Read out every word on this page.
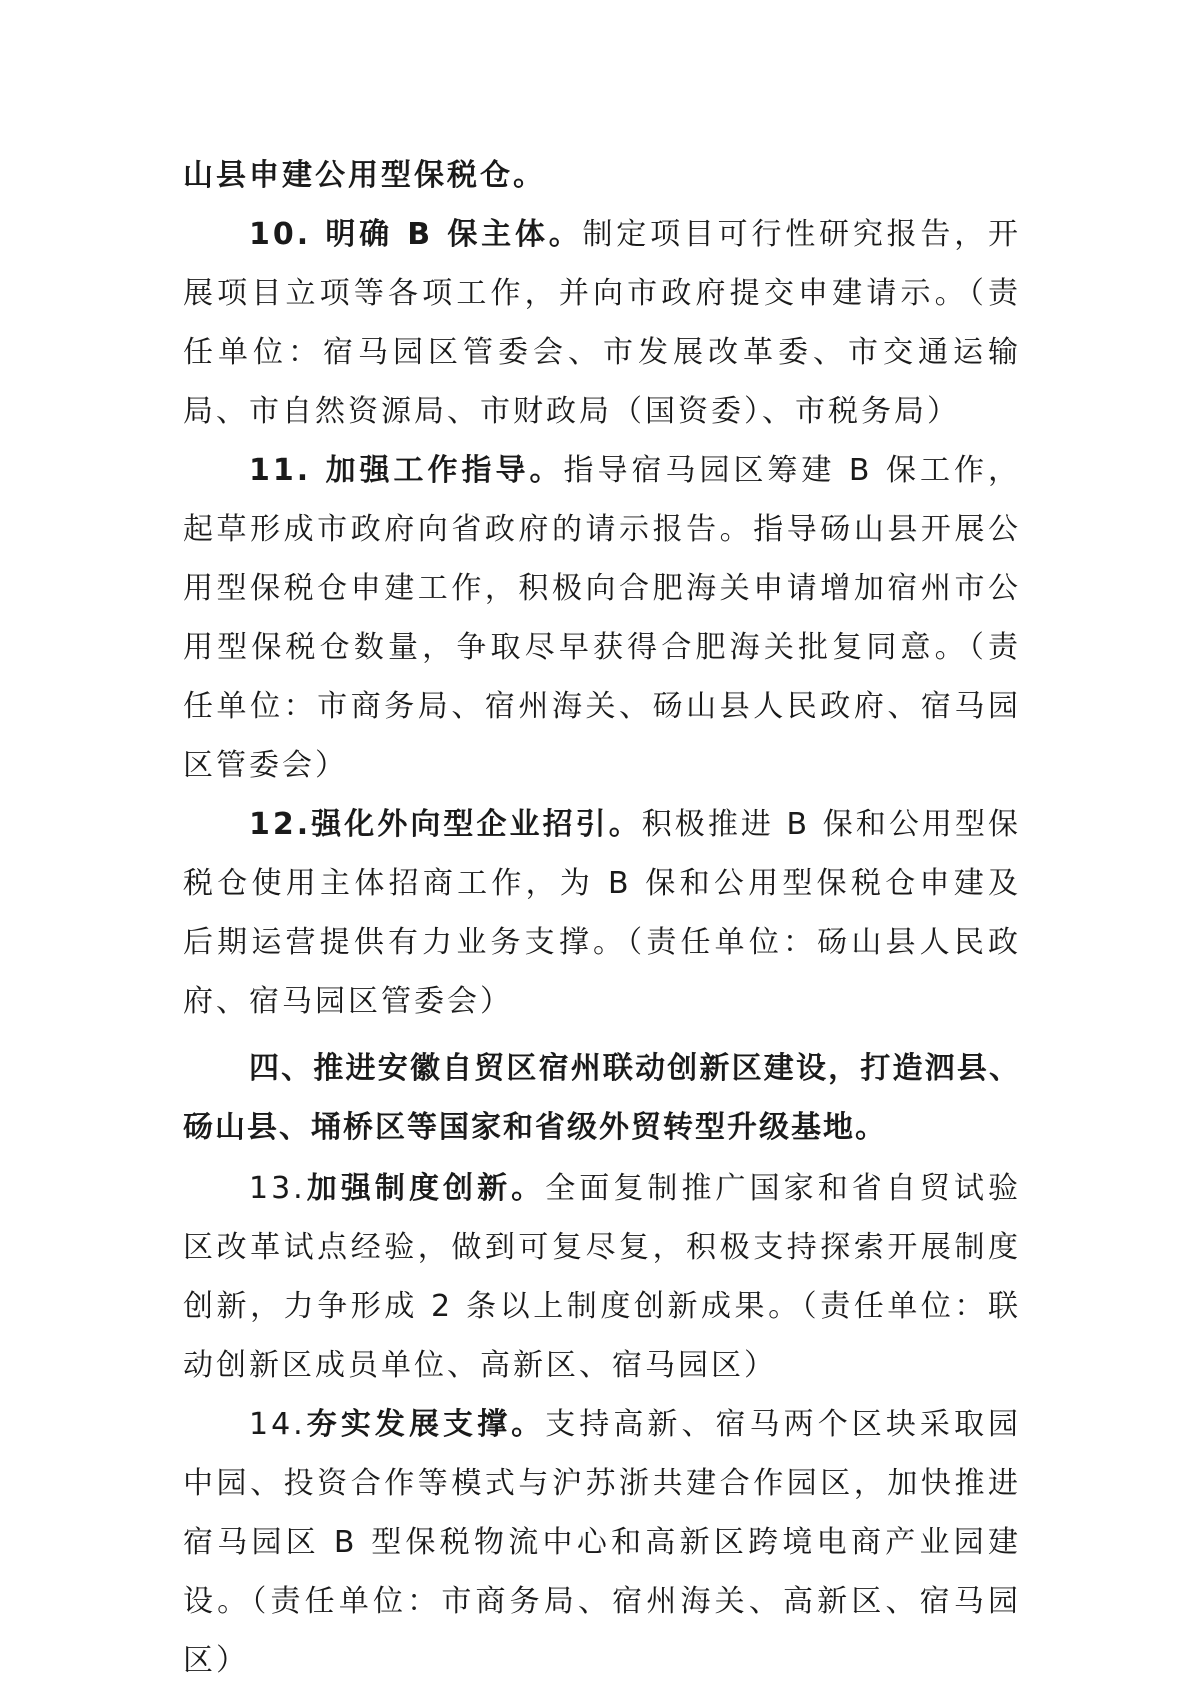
山县申建公用型保税仓。

10. 明确 B 保主体。制定项目可行性研究报告，开展项目立项等各项工作，并向市政府提交申建请示。（责任单位：宿马园区管委会、市发展改革委、市交通运输局、市自然资源局、市财政局（国资委）、市税务局）

11. 加强工作指导。指导宿马园区筹建 B 保工作，起草形成市政府向省政府的请示报告。指导砀山县开展公用型保税仓申建工作，积极向合肥海关申请增加宿州市公用型保税仓数量，争取尽早获得合肥海关批复同意。（责任单位：市商务局、宿州海关、砀山县人民政府、宿马园区管委会）

12.强化外向型企业招引。积极推进 B 保和公用型保税仓使用主体招商工作，为 B 保和公用型保税仓申建及后期运营提供有力业务支撑。（责任单位：砀山县人民政府、宿马园区管委会）

四、推进安徽自贸区宿州联动创新区建设，打造泗县、砀山县、埇桥区等国家和省级外贸转型升级基地。

13.加强制度创新。全面复制推广国家和省自贸试验区改革试点经验，做到可复尽复，积极支持探索开展制度创新，力争形成 2 条以上制度创新成果。（责任单位：联动创新区成员单位、高新区、宿马园区）

14.夯实发展支撑。支持高新、宿马两个区块采取园中园、投资合作等模式与沪苏浙共建合作园区，加快推进宿马园区 B 型保税物流中心和高新区跨境电商产业园建设。（责任单位：市商务局、宿州海关、高新区、宿马园区）
